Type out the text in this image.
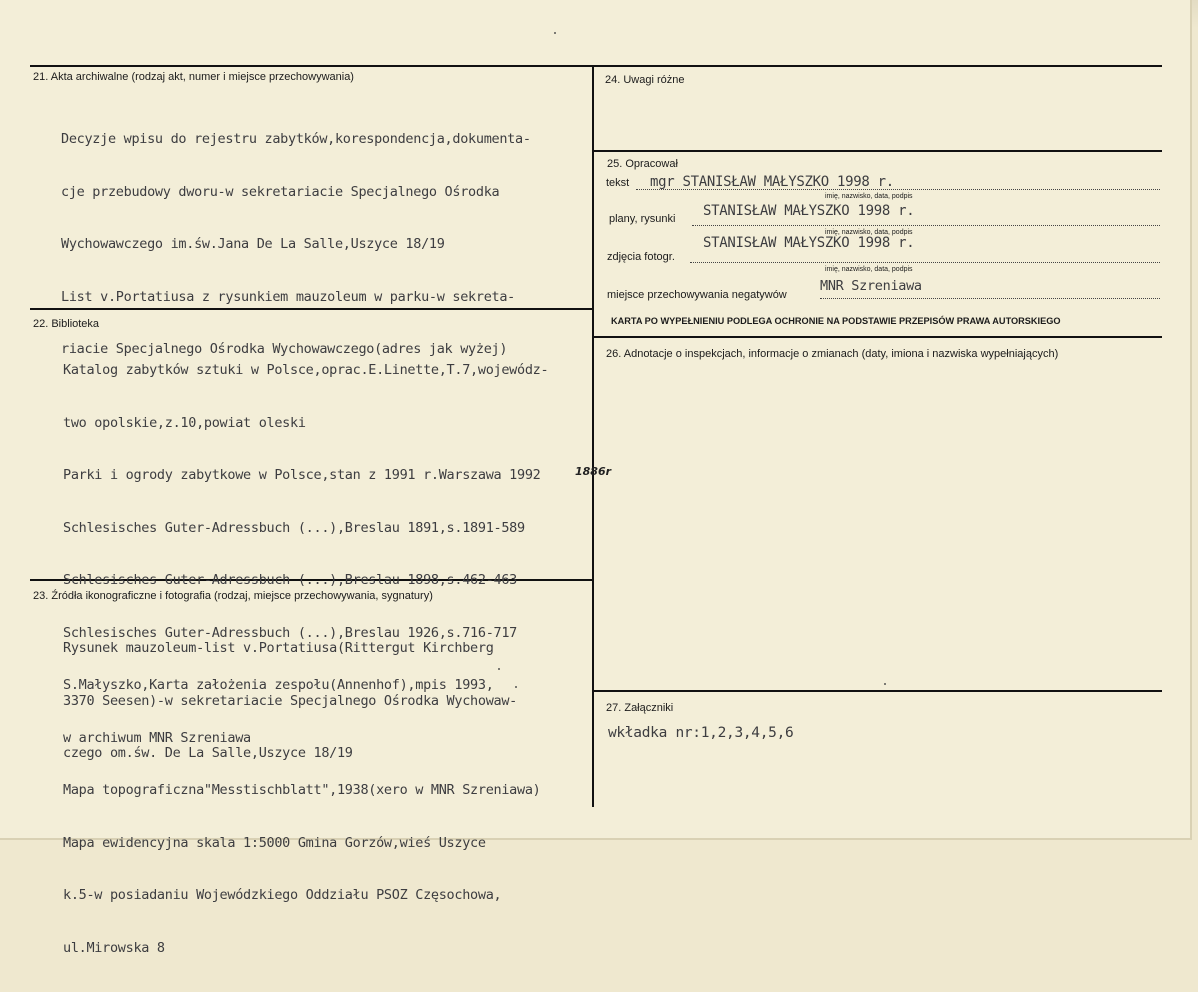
21. Akta archiwalne (rodzaj akt, numer i miejsce przechowywania)

Decyzje wpisu do rejestru zabytków,korespondencja,dokumenta-

cje przebudowy dworu-w sekretariacie Specjalnego Ośrodka

Wychowawczego im.św.Jana De La Salle,Uszyce 18/19

List v.Portatiusa z rysunkiem mauzoleum w parku-w sekreta-

riacie Specjalnego Ośrodka Wychowawczego(adres jak wyżej)

22. Biblioteka

Katalog zabytków sztuki w Polsce,oprac.E.Linette,T.7,wojewódz-

two opolskie,z.10,powiat oleski

Parki i ogrody zabytkowe w Polsce,stan z 1991 r.Warszawa 1992

Schlesisches Guter-Adressbuch (...),Breslau 1891,s.1891-589

Schlesisches Guter-Adressbuch (...),Breslau 1898,s.462-463

Schlesisches Guter-Adressbuch (...),Breslau 1926,s.716-717

S.Małyszko,Karta założenia zespołu(Annenhof),mpis 1993,

w archiwum MNR Szreniawa

Mapa topograficzna"Messtischblatt",1938(xero w MNR Szreniawa)

Mapa ewidencyjna skala 1:5000 Gmina Gorzów,wieś Uszyce

k.5-w posiadaniu Wojewódzkiego Oddziału PSOZ Częsochowa,

ul.Mirowska 8

1886r
23. Źródła ikonograficzne i fotografia (rodzaj, miejsce przechowywania, sygnatury)

Rysunek mauzoleum-list v.Portatiusa(Rittergut Kirchberg

3370 Seesen)-w sekretariacie Specjalnego Ośrodka Wychowaw-

czego om.św. De La Salle,Uszyce 18/19

24. Uwagi różne
25. Opracował
tekst mgr STANISŁAW MAŁYSZKO 1998 r.
imię, nazwisko, data, podpis
plany, rysunki STANISŁAW MAŁYSZKO 1998 r.
imię, nazwisko, data, podpis
zdjęcia fotogr.
STANISŁAW MAŁYSZKO 1998 r.
imię, nazwisko, data, podpis
miejsce przechowywania negatywów
MNR Szreniawa
KARTA PO WYPEŁNIENIU PODLEGA OCHRONIE NA PODSTAWIE PRZEPISÓW PRAWA AUTORSKIEGO
26. Adnotacje o inspekcjach, informacje o zmianach (daty, imiona i nazwiska wypełniających)
27. Załączniki
wkładka nr:1,2,3,4,5,6
